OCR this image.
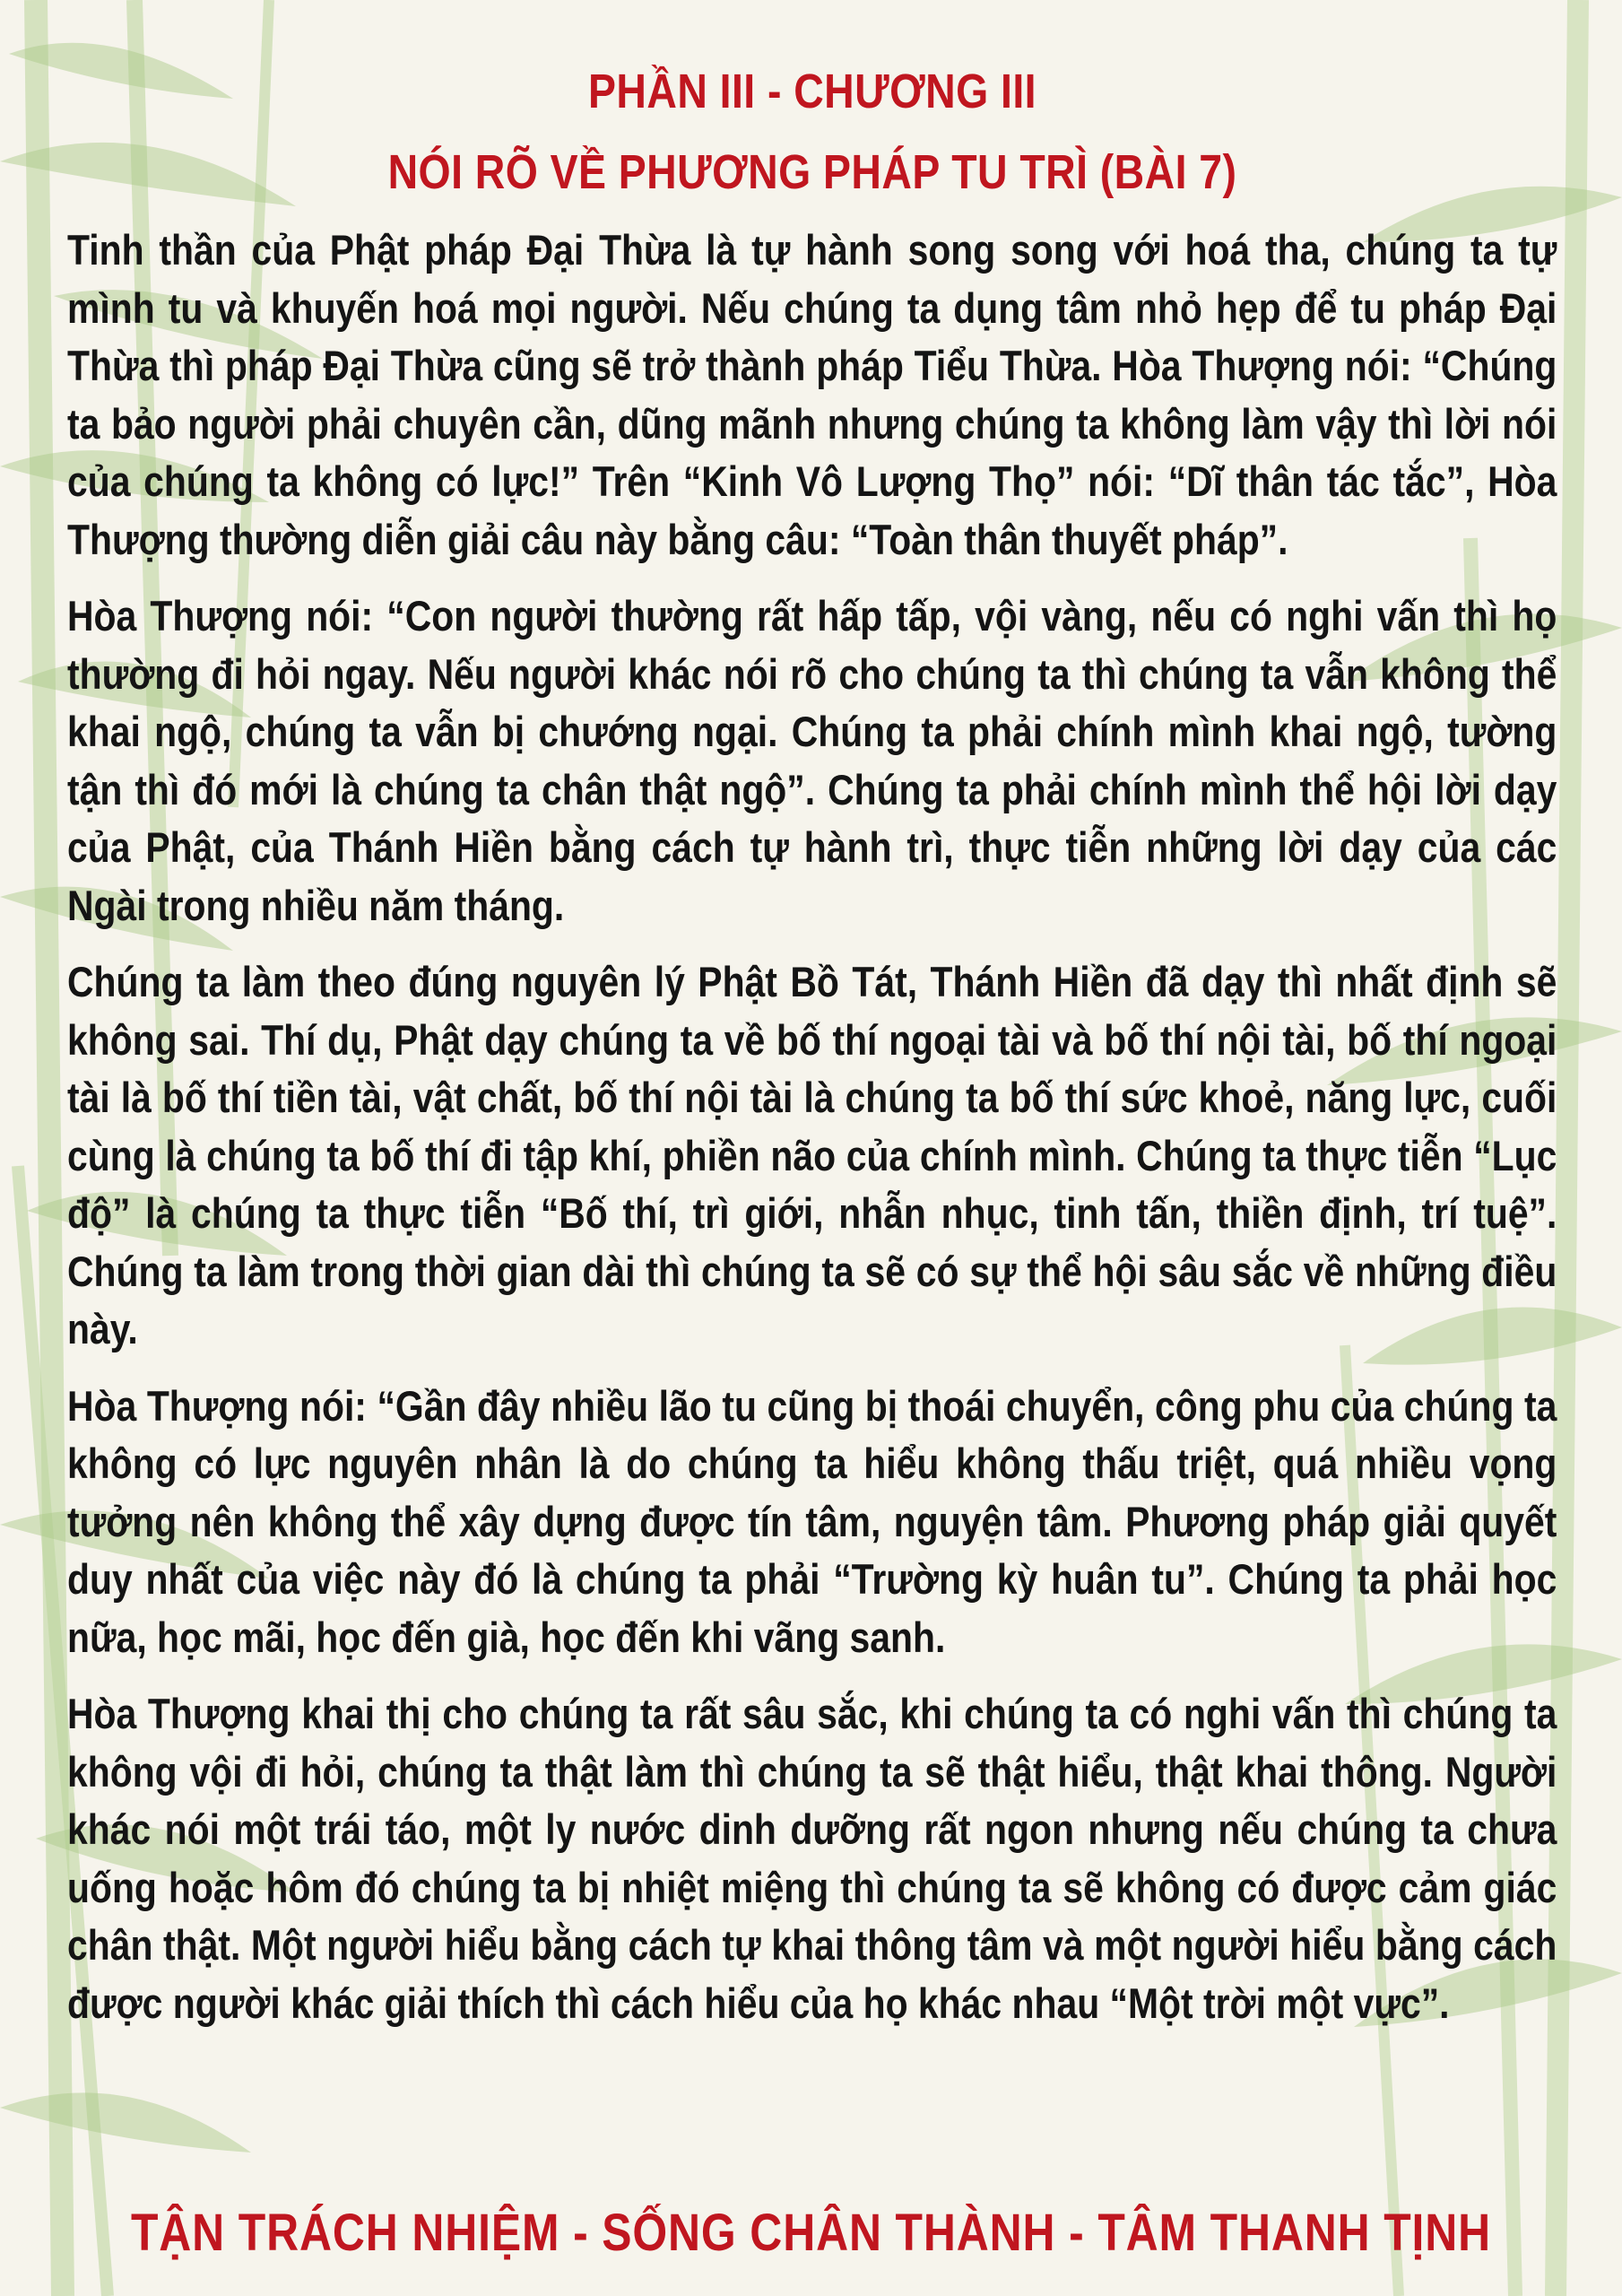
PHẦN III - CHƯƠNG III

NÓI RÕ VỀ PHƯƠNG PHÁP TU TRÌ (BÀI 7)

Tinh thần của Phật pháp Đại Thừa là tự hành song song với hoá tha, chúng ta tự mình tu và khuyến hoá mọi người. Nếu chúng ta dụng tâm nhỏ hẹp để tu pháp Đại Thừa thì pháp Đại Thừa cũng sẽ trở thành pháp Tiểu Thừa. Hòa Thượng nói: “Chúng ta bảo người phải chuyên cần, dũng mãnh nhưng chúng ta không làm vậy thì lời nói của chúng ta không có lực!” Trên “Kinh Vô Lượng Thọ” nói: “Dĩ thân tác tắc”, Hòa Thượng thường diễn giải câu này bằng câu: “Toàn thân thuyết pháp”.

Hòa Thượng nói: “Con người thường rất hấp tấp, vội vàng, nếu có nghi vấn thì họ thường đi hỏi ngay. Nếu người khác nói rõ cho chúng ta thì chúng ta vẫn không thể khai ngộ, chúng ta vẫn bị chướng ngại. Chúng ta phải chính mình khai ngộ, tường tận thì đó mới là chúng ta chân thật ngộ”. Chúng ta phải chính mình thể hội lời dạy của Phật, của Thánh Hiền bằng cách tự hành trì, thực tiễn những lời dạy của các Ngài trong nhiều năm tháng.

Chúng ta làm theo đúng nguyên lý Phật Bồ Tát, Thánh Hiền đã dạy thì nhất định sẽ không sai. Thí dụ, Phật dạy chúng ta về bố thí ngoại tài và bố thí nội tài, bố thí ngoại tài là bố thí tiền tài, vật chất, bố thí nội tài là chúng ta bố thí sức khoẻ, năng lực, cuối cùng là chúng ta bố thí đi tập khí, phiền não của chính mình. Chúng ta thực tiễn “Lục độ” là chúng ta thực tiễn “Bố thí, trì giới, nhẫn nhục, tinh tấn, thiền định, trí tuệ”. Chúng ta làm trong thời gian dài thì chúng ta sẽ có sự thể hội sâu sắc về những điều này.

Hòa Thượng nói: “Gần đây nhiều lão tu cũng bị thoái chuyển, công phu của chúng ta không có lực nguyên nhân là do chúng ta hiểu không thấu triệt, quá nhiều vọng tưởng nên không thể xây dựng được tín tâm, nguyện tâm. Phương pháp giải quyết duy nhất của việc này đó là chúng ta phải “Trường kỳ huân tu”. Chúng ta phải học nữa, học mãi, học đến già, học đến khi vãng sanh.

Hòa Thượng khai thị cho chúng ta rất sâu sắc, khi chúng ta có nghi vấn thì chúng ta không vội đi hỏi, chúng ta thật làm thì chúng ta sẽ thật hiểu, thật khai thông. Người khác nói một trái táo, một ly nước dinh dưỡng rất ngon nhưng nếu chúng ta chưa uống hoặc hôm đó chúng ta bị nhiệt miệng thì chúng ta sẽ không có được cảm giác chân thật. Một người hiểu bằng cách tự khai thông tâm và một người hiểu bằng cách được người khác giải thích thì cách hiểu của họ khác nhau “Một trời một vực”.

TẬN TRÁCH NHIỆM - SỐNG CHÂN THÀNH - TÂM THANH TỊNH
